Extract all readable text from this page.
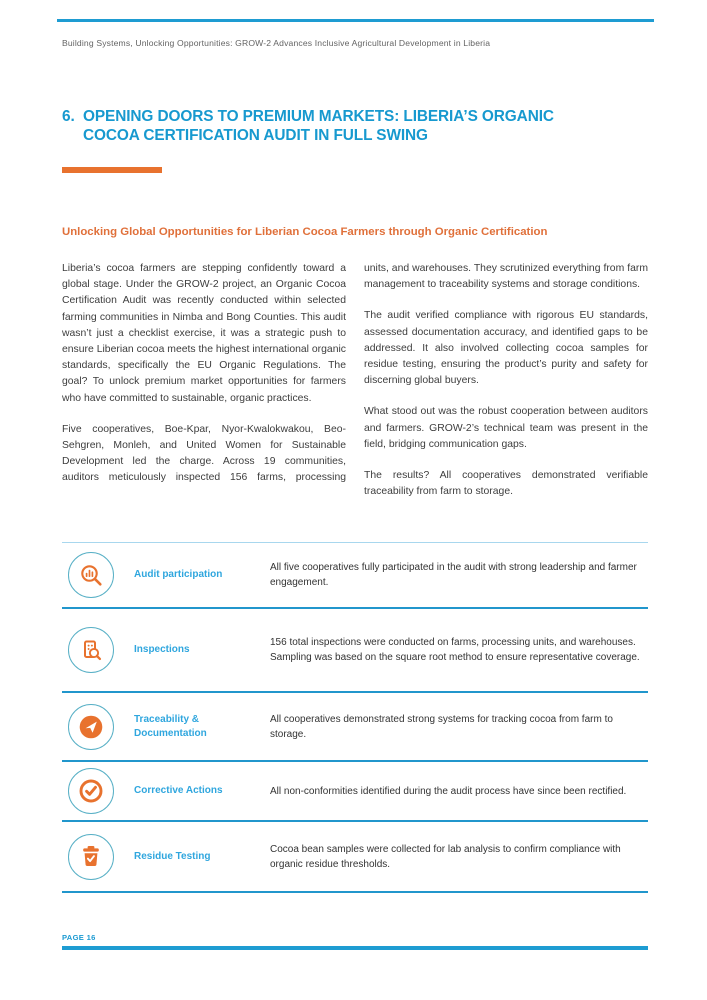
Building Systems, Unlocking Opportunities: GROW-2 Advances Inclusive Agricultural Development in Liberia
6. OPENING DOORS TO PREMIUM MARKETS: LIBERIA’S ORGANIC
COCOA CERTIFICATION AUDIT IN FULL SWING
Unlocking Global Opportunities for Liberian Cocoa Farmers through Organic Certification

Liberia’s cocoa farmers are stepping confidently toward a global stage. Under the GROW-2 project, an Organic Cocoa Certification Audit was recently conducted within selected farming communities in Nimba and Bong Counties. This audit wasn’t just a checklist exercise, it was a strategic push to ensure Liberian cocoa meets the highest international organic standards, specifically the EU Organic Regulations. The goal? To unlock premium market opportunities for farmers who have committed to sustainable, organic practices.

Five cooperatives, Boe-Kpar, Nyor-Kwalokwakou, Beo-Sehgren, Monleh, and United Women for Sustainable Development led the charge. Across 19 communities, auditors meticulously inspected 156 farms, processing

units, and warehouses. They scrutinized everything from farm management to traceability systems and storage conditions.

The audit verified compliance with rigorous EU standards, assessed documentation accuracy, and identified gaps to be addressed. It also involved collecting cocoa samples for residue testing, ensuring the product’s purity and safety for discerning global buyers.

What stood out was the robust cooperation between auditors and farmers. GROW-2’s technical team was present in the field, bridging communication gaps.

The results? All cooperatives demonstrated verifiable traceability from farm to storage.

Audit participation
All five cooperatives fully participated in the audit with strong leadership and farmer engagement.
Inspections
156 total inspections were conducted on farms, processing units, and warehouses. Sampling was based on the square root method to ensure representative coverage.
Traceability & Documentation
All cooperatives demonstrated strong systems for tracking cocoa from farm to storage.
Corrective Actions	All non-conformities identified during the audit process have since been rectified.
Residue Testing
Cocoa bean samples were collected for lab analysis to confirm compliance with organic residue thresholds.
PAGE 16
